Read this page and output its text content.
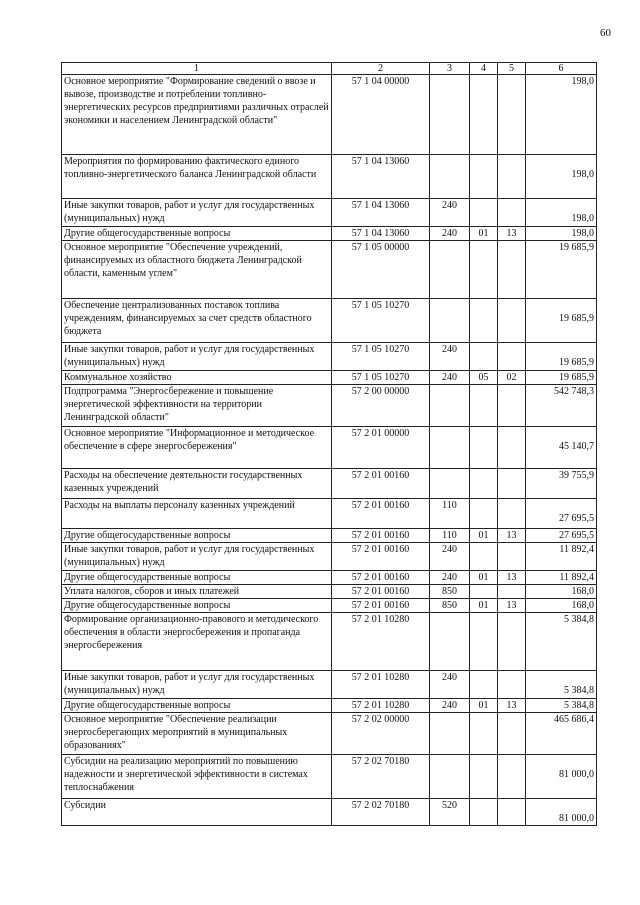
60
1	2	3	4	5	6
Основное мероприятие "Формирование сведений о ввозе и вывозе, производстве и потреблении топливно-энергетических ресурсов предприятиями различных отраслей экономики и населением Ленинградской области"	57 1 04 00000				198,0
Мероприятия по формированию фактического единого топливно-энергетического баланса Ленинградской области	57 1 04 13060				198,0
Иные закупки товаров, работ и услуг для государственных (муниципальных) нужд	57 1 04 13060	240			198,0
Другие общегосударственные вопросы	57 1 04 13060	240	01	13	198,0
Основное мероприятие "Обеспечение учреждений, финансируемых из областного бюджета Ленинградской области, каменным углем"	57 1 05 00000				19 685,9
Обеспечение централизованных поставок топлива учреждениям, финансируемых за счет средств областного бюджета	57 1 05 10270				19 685,9
Иные закупки товаров, работ и услуг для государственных (муниципальных) нужд	57 1 05 10270	240			19 685,9
Коммунальное хозяйство	57 1 05 10270	240	05	02	19 685,9
Подпрограмма "Энергосбережение и повышение энергетической эффективности на территории Ленинградской области"	57 2 00 00000				542 748,3
Основное мероприятие "Информационное и методическое обеспечение в сфере энергосбережения"	57 2 01 00000				45 140,7
Расходы на обеспечение деятельности государственных казенных учреждений	57 2 01 00160				39 755,9
Расходы на выплаты персоналу казенных учреждений	57 2 01 00160	110			27 695,5
Другие общегосударственные вопросы	57 2 01 00160	110	01	13	27 695,5
Иные закупки товаров, работ и услуг для государственных (муниципальных) нужд	57 2 01 00160	240			11 892,4
Другие общегосударственные вопросы	57 2 01 00160	240	01	13	11 892,4
Уплата налогов, сборов и иных платежей	57 2 01 00160	850			168,0
Другие общегосударственные вопросы	57 2 01 00160	850	01	13	168,0
Формирование организационно-правового и методического обеспечения в области энергосбережения и пропаганда энергосбережения	57 2 01 10280				5 384,8
Иные закупки товаров, работ и услуг для государственных (муниципальных) нужд	57 2 01 10280	240			5 384,8
Другие общегосударственные вопросы	57 2 01 10280	240	01	13	5 384,8
Основное мероприятие "Обеспечение реализации энергосберегающих мероприятий в муниципальных образованиях"	57 2 02 00000				465 686,4
Субсидии на реализацию мероприятий по повышению надежности и энергетической эффективности в системах теплоснабжения	57 2 02 70180				81 000,0
Субсидии	57 2 02 70180	520			81 000,0
